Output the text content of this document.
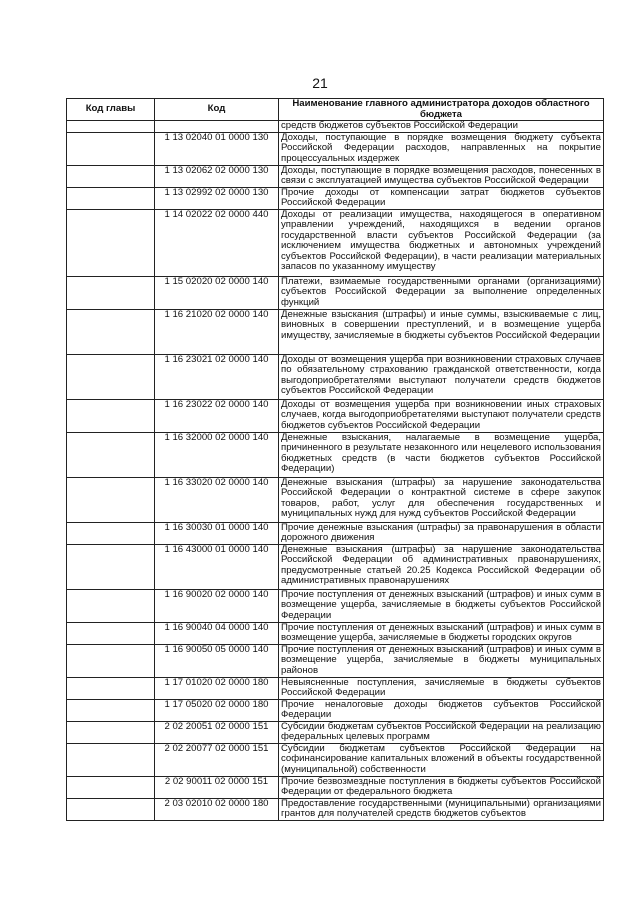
21
Код главы	Код	Наименование главного администратора доходов областного бюджета
		средств бюджетов субъектов Российской Федерации
	1 13 02040 01 0000 130	Доходы, поступающие в порядке возмещения бюджету субъекта Российской Федерации расходов, направленных на покрытие процессуальных издержек
	1 13 02062 02 0000 130	Доходы, поступающие в порядке возмещения расходов, понесенных в связи с эксплуатацией имущества субъектов Российской Федерации
	1 13 02992 02 0000 130	Прочие доходы от компенсации затрат бюджетов субъектов Российской Федерации
	1 14 02022 02 0000 440	Доходы от реализации имущества, находящегося в оперативном управлении учреждений, находящихся в ведении органов государственной власти субъектов Российской Федерации (за исключением имущества бюджетных и автономных учреждений субъектов Российской Федерации), в части реализации материальных запасов по указанному имуществу
	1 15 02020 02 0000 140	Платежи, взимаемые государственными органами (организациями) субъектов Российской Федерации за выполнение определенных функций
	1 16 21020 02 0000 140	Денежные взыскания (штрафы) и иные суммы, взыскиваемые с лиц, виновных в совершении преступлений, и в возмещение ущерба имуществу, зачисляемые в бюджеты субъектов Российской Федерации
	1 16 23021 02 0000 140	Доходы от возмещения ущерба при возникновении страховых случаев по обязательному страхованию гражданской ответственности, когда выгодоприобретателями выступают получатели средств бюджетов субъектов Российской Федерации
	1 16 23022 02 0000 140	Доходы от возмещения ущерба при возникновении иных страховых случаев, когда выгодоприобретателями выступают получатели средств бюджетов субъектов Российской Федерации
	1 16 32000 02 0000 140	Денежные взыскания, налагаемые в возмещение ущерба, причиненного в результате незаконного или нецелевого использования бюджетных средств (в части бюджетов субъектов Российской Федерации)
	1 16 33020 02 0000 140	Денежные взыскания (штрафы) за нарушение законодательства Российской Федерации о контрактной системе в сфере закупок товаров, работ, услуг для обеспечения государственных и муниципальных нужд для нужд субъектов Российской Федерации
	1 16 30030 01 0000 140	Прочие денежные взыскания (штрафы) за правонарушения в области дорожного движения
	1 16 43000 01 0000 140	Денежные взыскания (штрафы) за нарушение законодательства Российской Федерации об административных правонарушениях, предусмотренные статьей 20.25 Кодекса Российской Федерации об административных правонарушениях
	1 16 90020 02 0000 140	Прочие поступления от денежных взысканий (штрафов) и иных сумм в возмещение ущерба, зачисляемые в бюджеты субъектов Российской Федерации
	1 16 90040 04 0000 140	Прочие поступления от денежных взысканий (штрафов) и иных сумм в возмещение ущерба, зачисляемые в бюджеты городских округов
	1 16 90050 05 0000 140	Прочие поступления от денежных взысканий (штрафов) и иных сумм в возмещение ущерба, зачисляемые в бюджеты муниципальных районов
	1 17 01020 02 0000 180	Невыясненные поступления, зачисляемые в бюджеты субъектов Российской Федерации
	1 17 05020 02 0000 180	Прочие неналоговые доходы бюджетов субъектов Российской Федерации
	2 02 20051 02 0000 151	Субсидии бюджетам субъектов Российской Федерации на реализацию федеральных целевых программ
	2 02 20077 02 0000 151	Субсидии бюджетам субъектов Российской Федерации на софинансирование капитальных вложений в объекты государственной (муниципальной) собственности
	2 02 90011 02 0000 151	Прочие безвозмездные поступления в бюджеты субъектов Российской Федерации от федерального бюджета
	2 03 02010 02 0000 180	Предоставление государственными (муниципальными) организациями грантов для получателей средств бюджетов субъектов
